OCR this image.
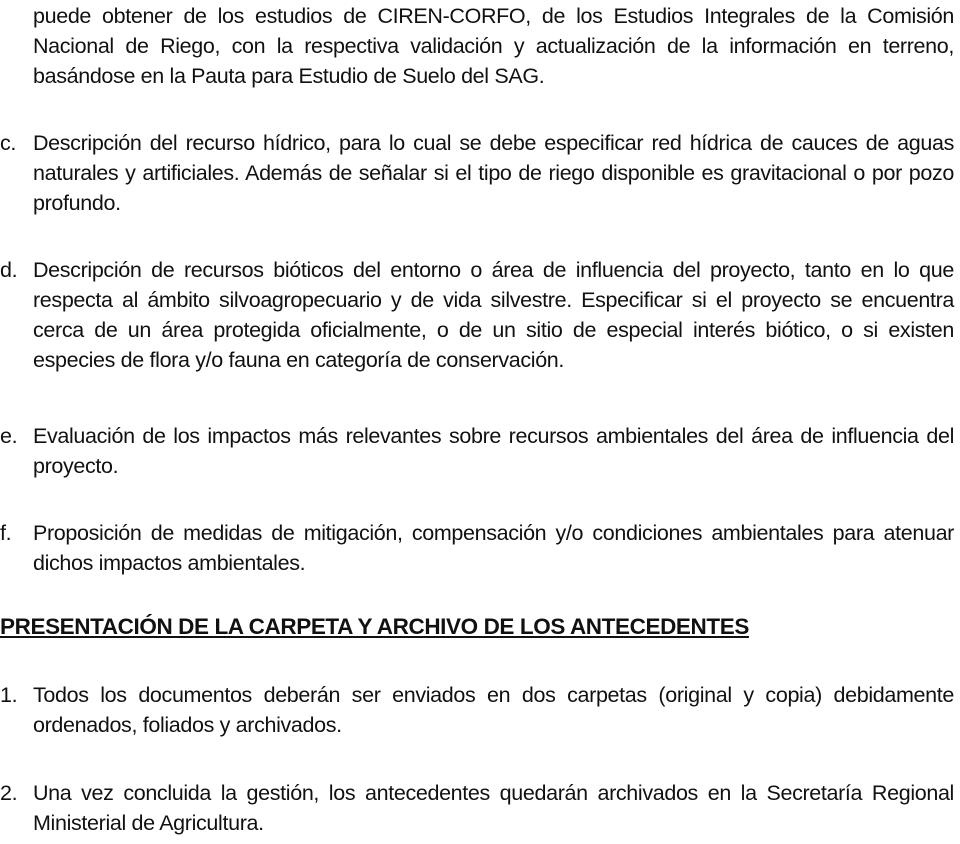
puede obtener de los estudios de CIREN-CORFO, de los Estudios Integrales de la Comisión Nacional de Riego, con la respectiva validación y actualización de la información en terreno, basándose en la Pauta para Estudio de Suelo del SAG.
c. Descripción del recurso hídrico, para lo cual se debe especificar red hídrica de cauces de aguas naturales y artificiales. Además de señalar si el tipo de riego disponible es gravitacional o por pozo profundo.
d. Descripción de recursos bióticos del entorno o área de influencia del proyecto, tanto en lo que respecta al ámbito silvoagropecuario y de vida silvestre. Especificar si el proyecto se encuentra cerca de un área protegida oficialmente, o de un sitio de especial interés biótico, o si existen especies de flora y/o fauna en categoría de conservación.
e. Evaluación de los impactos más relevantes sobre recursos ambientales del área de influencia del proyecto.
f.	Proposición de medidas de mitigación, compensación y/o condiciones ambientales para atenuar dichos impactos ambientales.
PRESENTACIÓN DE LA CARPETA Y ARCHIVO DE LOS ANTECEDENTES
1. Todos los documentos deberán ser enviados en dos carpetas (original y copia) debidamente ordenados, foliados y archivados.
2. Una vez concluida la gestión, los antecedentes quedarán archivados en la Secretaría Regional Ministerial de Agricultura.
